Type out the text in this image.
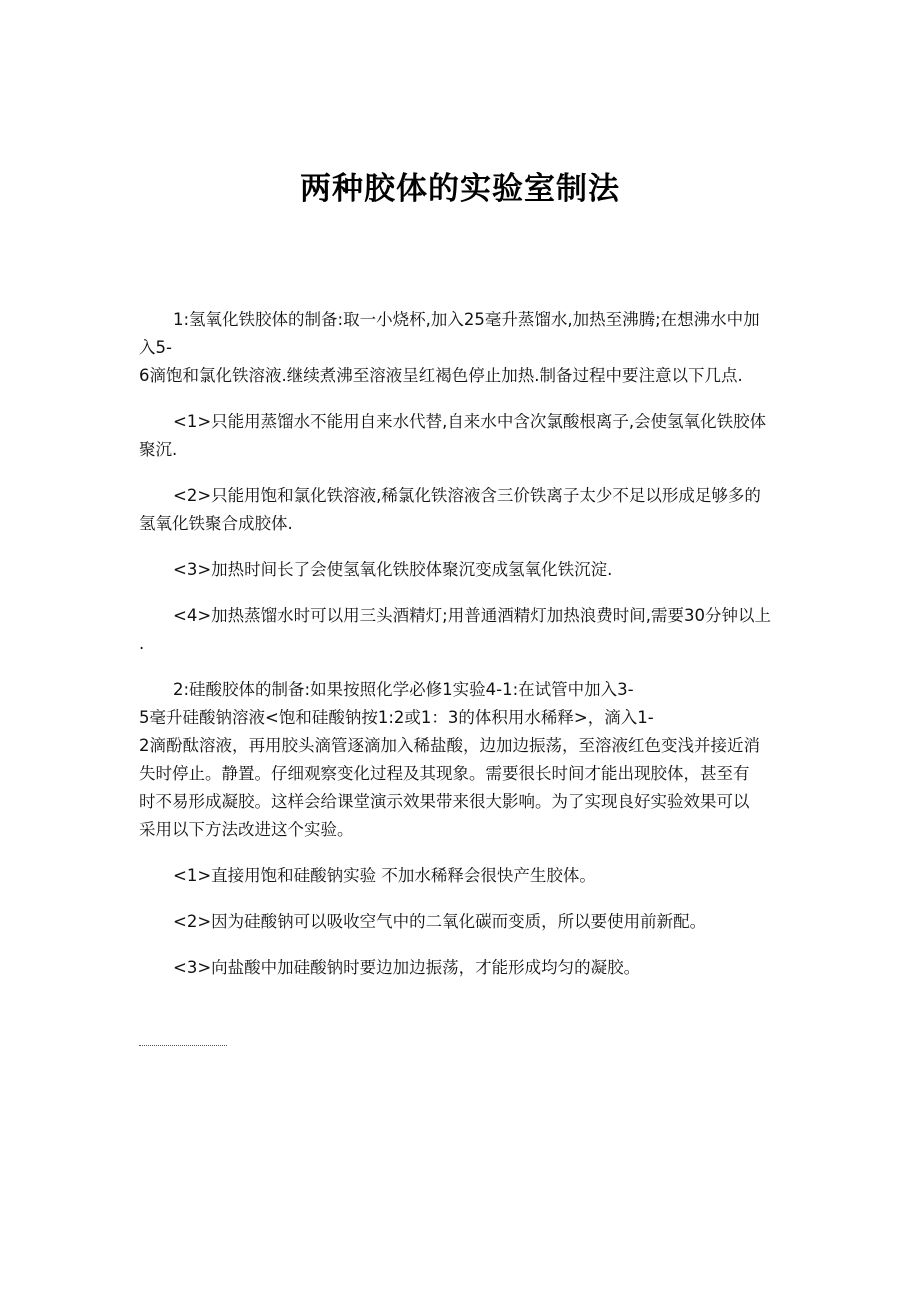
两种胶体的实验室制法

1:氢氧化铁胶体的制备:取一小烧杯,加入25毫升蒸馏水,加热至沸腾;在想沸水中加
入5-
6滴饱和氯化铁溶液.继续煮沸至溶液呈红褐色停止加热.制备过程中要注意以下几点.

<1>只能用蒸馏水不能用自来水代替,自来水中含次氯酸根离子,会使氢氧化铁胶体
聚沉.

<2>只能用饱和氯化铁溶液,稀氯化铁溶液含三价铁离子太少不足以形成足够多的
氢氧化铁聚合成胶体.

<3>加热时间长了会使氢氧化铁胶体聚沉变成氢氧化铁沉淀.

<4>加热蒸馏水时可以用三头酒精灯;用普通酒精灯加热浪费时间,需要30分钟以上
.

2:硅酸胶体的制备:如果按照化学必修1实验4-1:在试管中加入3-
5毫升硅酸钠溶液<饱和硅酸钠按1:2或1：3的体积用水稀释>，滴入1-
2滴酚酞溶液，再用胶头滴管逐滴加入稀盐酸，边加边振荡，至溶液红色变浅并接近消
失时停止。静置。仔细观察变化过程及其现象。需要很长时间才能出现胶体，甚至有
时不易形成凝胶。这样会给课堂演示效果带来很大影响。为了实现良好实验效果可以
采用以下方法改进这个实验。

<1>直接用饱和硅酸钠实验 不加水稀释会很快产生胶体。

<2>因为硅酸钠可以吸收空气中的二氧化碳而变质，所以要使用前新配。

<3>向盐酸中加硅酸钠时要边加边振荡，才能形成均匀的凝胶。
